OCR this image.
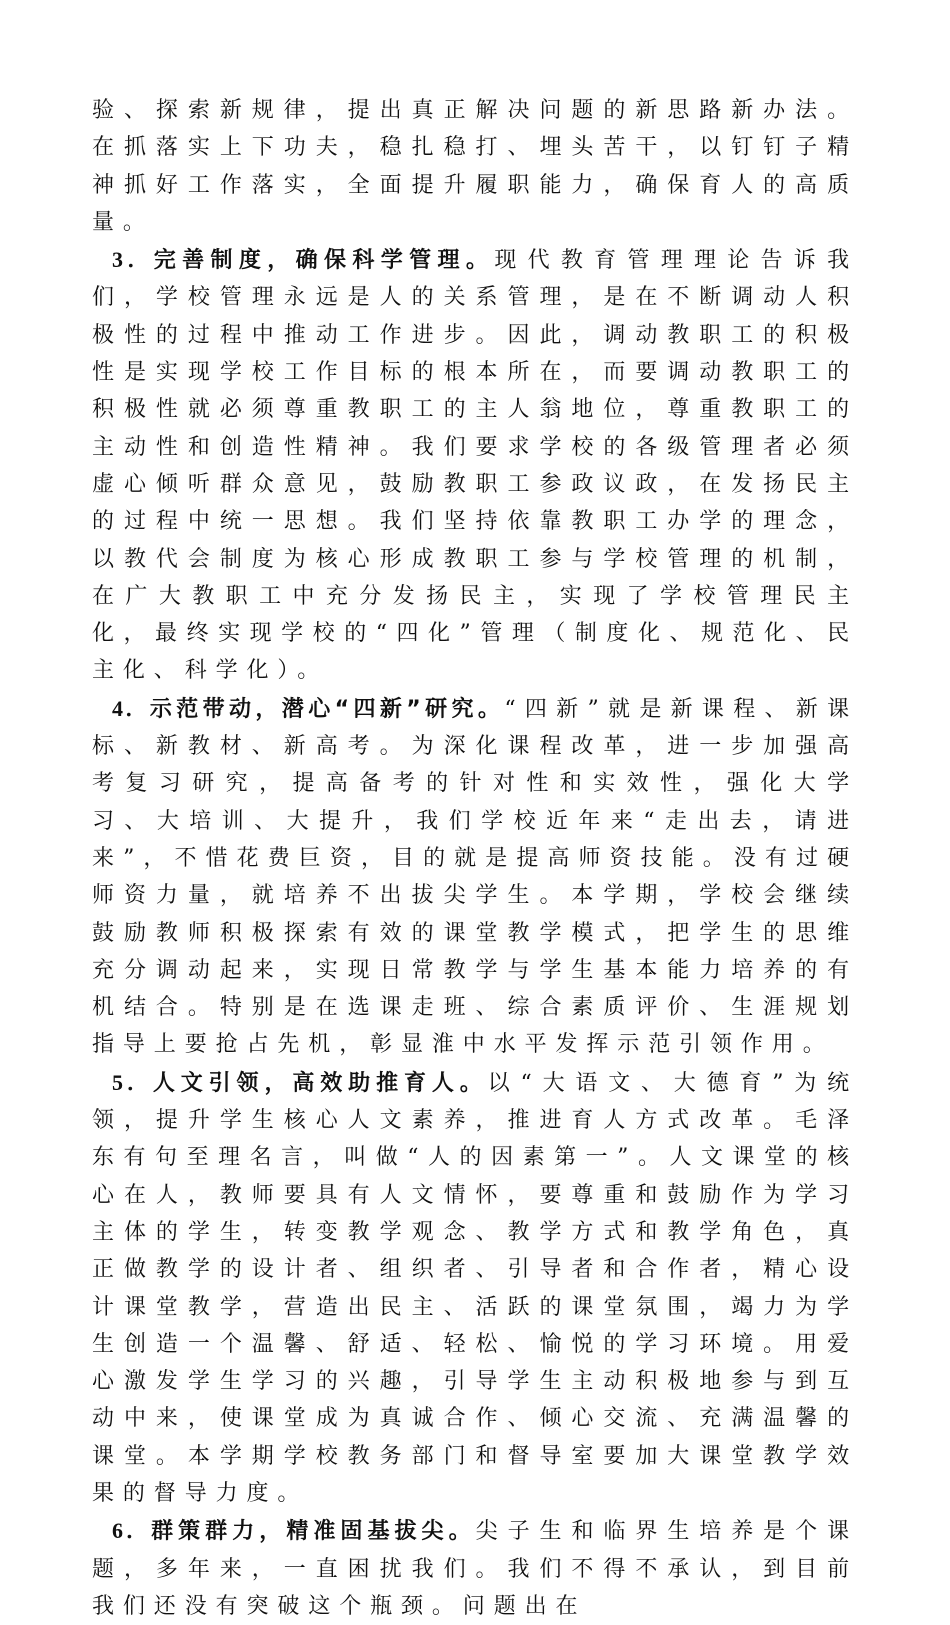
验、探索新规律，提出真正解决问题的新思路新办法。在抓落实上下功夫，稳扎稳打、埋头苦干，以钉钉子精神抓好工作落实，全面提升履职能力，确保育人的高质量。

3．完善制度，确保科学管理。现代教育管理理论告诉我们，学校管理永远是人的关系管理，是在不断调动人积极性的过程中推动工作进步。因此，调动教职工的积极性是实现学校工作目标的根本所在，而要调动教职工的积极性就必须尊重教职工的主人翁地位，尊重教职工的主动性和创造性精神。我们要求学校的各级管理者必须虚心倾听群众意见，鼓励教职工参政议政，在发扬民主的过程中统一思想。我们坚持依靠教职工办学的理念，以教代会制度为核心形成教职工参与学校管理的机制，在广大教职工中充分发扬民主，实现了学校管理民主化，最终实现学校的“四化”管理（制度化、规范化、民主化、科学化）。

4．示范带动，潜心“四新”研究。“四新”就是新课程、新课标、新教材、新高考。为深化课程改革，进一步加强高考复习研究，提高备考的针对性和实效性，强化大学习、大培训、大提升，我们学校近年来“走出去，请进来”，不惜花费巨资，目的就是提高师资技能。没有过硬师资力量，就培养不出拔尖学生。本学期，学校会继续鼓励教师积极探索有效的课堂教学模式，把学生的思维充分调动起来，实现日常教学与学生基本能力培养的有机结合。特别是在选课走班、综合素质评价、生涯规划指导上要抢占先机，彰显淮中水平发挥示范引领作用。

5．人文引领，高效助推育人。以“大语文、大德育”为统领，提升学生核心人文素养，推进育人方式改革。毛泽东有句至理名言，叫做“人的因素第一”。人文课堂的核心在人，教师要具有人文情怀，要尊重和鼓励作为学习主体的学生，转变教学观念、教学方式和教学角色，真正做教学的设计者、组织者、引导者和合作者，精心设计课堂教学，营造出民主、活跃的课堂氛围，竭力为学生创造一个温馨、舒适、轻松、愉悦的学习环境。用爱心激发学生学习的兴趣，引导学生主动积极地参与到互动中来，使课堂成为真诚合作、倾心交流、充满温馨的课堂。本学期学校教务部门和督导室要加大课堂教学效果的督导力度。

6．群策群力，精准固基拔尖。尖子生和临界生培养是个课题，多年来，一直困扰我们。我们不得不承认，到目前我们还没有突破这个瓶颈。问题出在
